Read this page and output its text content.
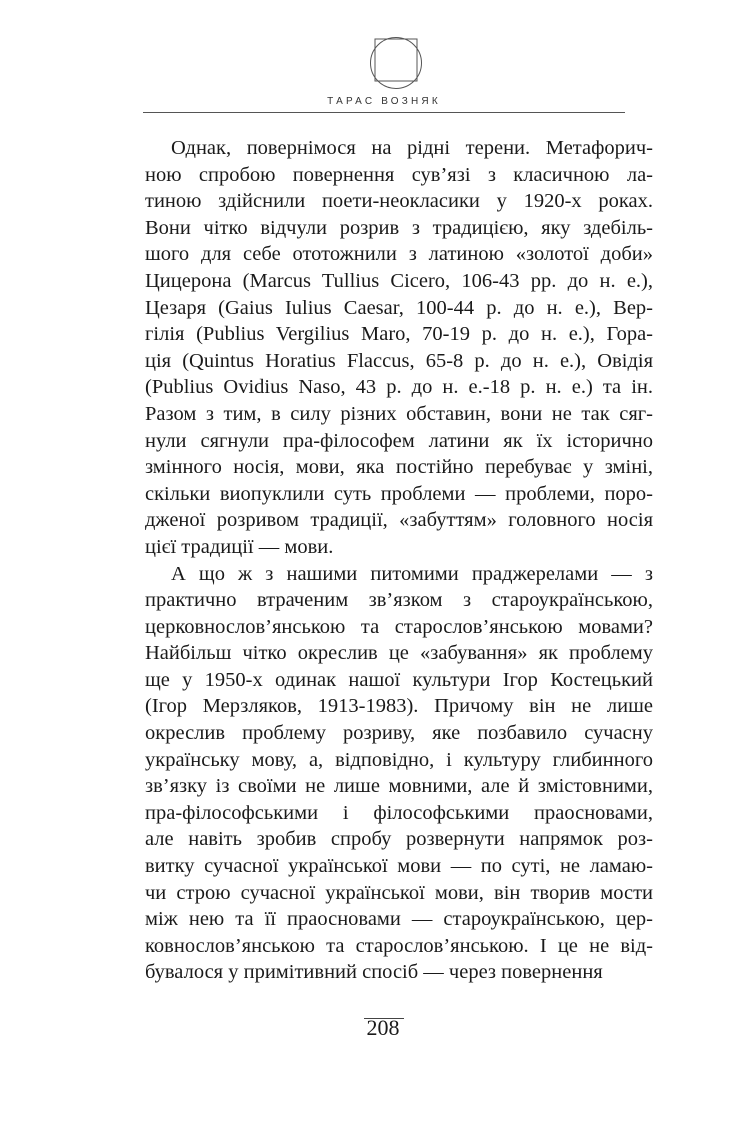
ТАРАС ВОЗНЯК
Однак, повернімося на рідні терени. Метафорич-
ною спробою повернення сув’язі з класичною ла-
тиною здійснили поети-неокласики у 1920-х роках.
Вони чітко відчули розрив з традицією, яку здебіль-
шого для себе ототожнили з латиною «золотої доби»
Цицерона (Marcus Tullius Cicero, 106-43 рр. до н. е.),
Цезаря (Gaius Iulius Caesar, 100-44 р. до н. е.), Вер-
гілія (Publius Vergilius Maro, 70-19 р. до н. е.), Гора-
ція (Quintus Horatius Flaccus, 65-8 р. до н. е.), Овідія
(Publius Ovidius Naso, 43 р. до н. е.-18 р. н. е.) та ін.
Разом з тим, в силу різних обставин, вони не так сяг-
нули сягнули пра-філософем латини як їх історично
змінного носія, мови, яка постійно перебуває у зміні,
скільки виопуклили суть проблеми — проблеми, поро-
дженої розривом традиції, «забуттям» головного носія
цієї традиції — мови.
А що ж з нашими питомими праджерелами — з
практично втраченим зв’язком з староукраїнською,
церковнослов’янською та старослов’янською мовами?
Найбільш чітко окреслив це «забування» як проблему
ще у 1950-х одинак нашої культури Ігор Костецький
(Ігор Мерзляков, 1913-1983). Причому він не лише
окреслив проблему розриву, яке позбавило сучасну
українську мову, а, відповідно, і культуру глибинного
зв’язку із своїми не лише мовними, але й змістовними,
пра-філософськими і філософськими праосновами,
але навіть зробив спробу розвернути напрямок роз-
витку сучасної української мови — по суті, не ламаю-
чи строю сучасної української мови, він творив мости
між нею та її праосновами — староукраїнською, цер-
ковнослов’янською та старослов’янською. І це не від-
бувалося у примітивний спосіб — через повернення
208
